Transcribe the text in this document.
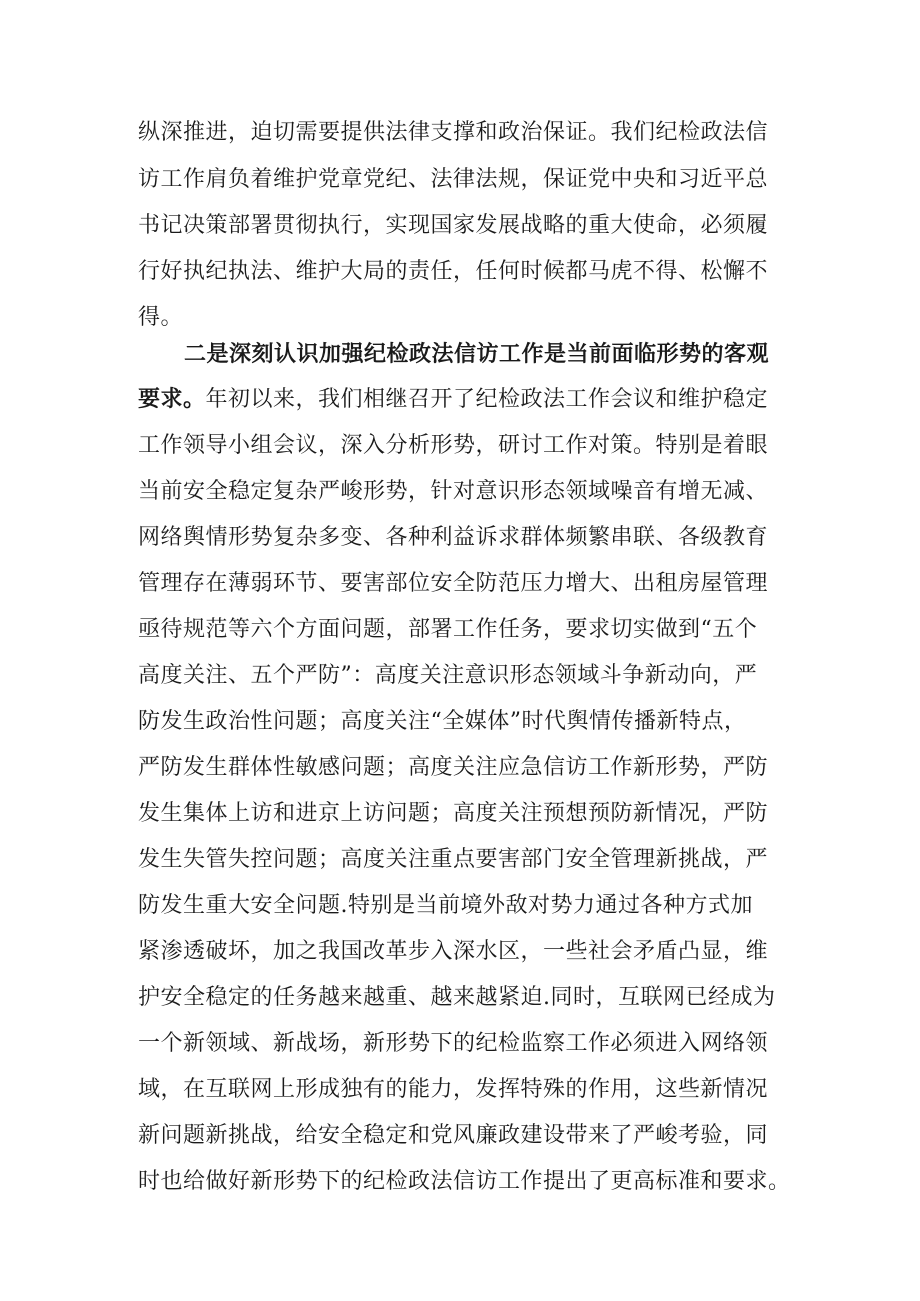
纵深推进，迫切需要提供法律支撑和政治保证。我们纪检政法信
访工作肩负着维护党章党纪、法律法规，保证党中央和习近平总
书记决策部署贯彻执行，实现国家发展战略的重大使命，必须履
行好执纪执法、维护大局的责任，任何时候都马虎不得、松懈不
得。
二是深刻认识加强纪检政法信访工作是当前面临形势的客观
要求。年初以来，我们相继召开了纪检政法工作会议和维护稳定
工作领导小组会议，深入分析形势，研讨工作对策。特别是着眼
当前安全稳定复杂严峻形势，针对意识形态领域噪音有增无减、
网络舆情形势复杂多变、各种利益诉求群体频繁串联、各级教育
管理存在薄弱环节、要害部位安全防范压力增大、出租房屋管理
亟待规范等六个方面问题，部署工作任务，要求切实做到“五个
高度关注、五个严防”：高度关注意识形态领域斗争新动向，严
防发生政治性问题；高度关注“全媒体”时代舆情传播新特点，
严防发生群体性敏感问题；高度关注应急信访工作新形势，严防
发生集体上访和进京上访问题；高度关注预想预防新情况，严防
发生失管失控问题；高度关注重点要害部门安全管理新挑战，严
防发生重大安全问题.特别是当前境外敌对势力通过各种方式加
紧渗透破坏，加之我国改革步入深水区，一些社会矛盾凸显，维
护安全稳定的任务越来越重、越来越紧迫.同时，互联网已经成为
一个新领域、新战场，新形势下的纪检监察工作必须进入网络领
域，在互联网上形成独有的能力，发挥特殊的作用，这些新情况
新问题新挑战，给安全稳定和党风廉政建设带来了严峻考验，同
时也给做好新形势下的纪检政法信访工作提出了更高标准和要求。
